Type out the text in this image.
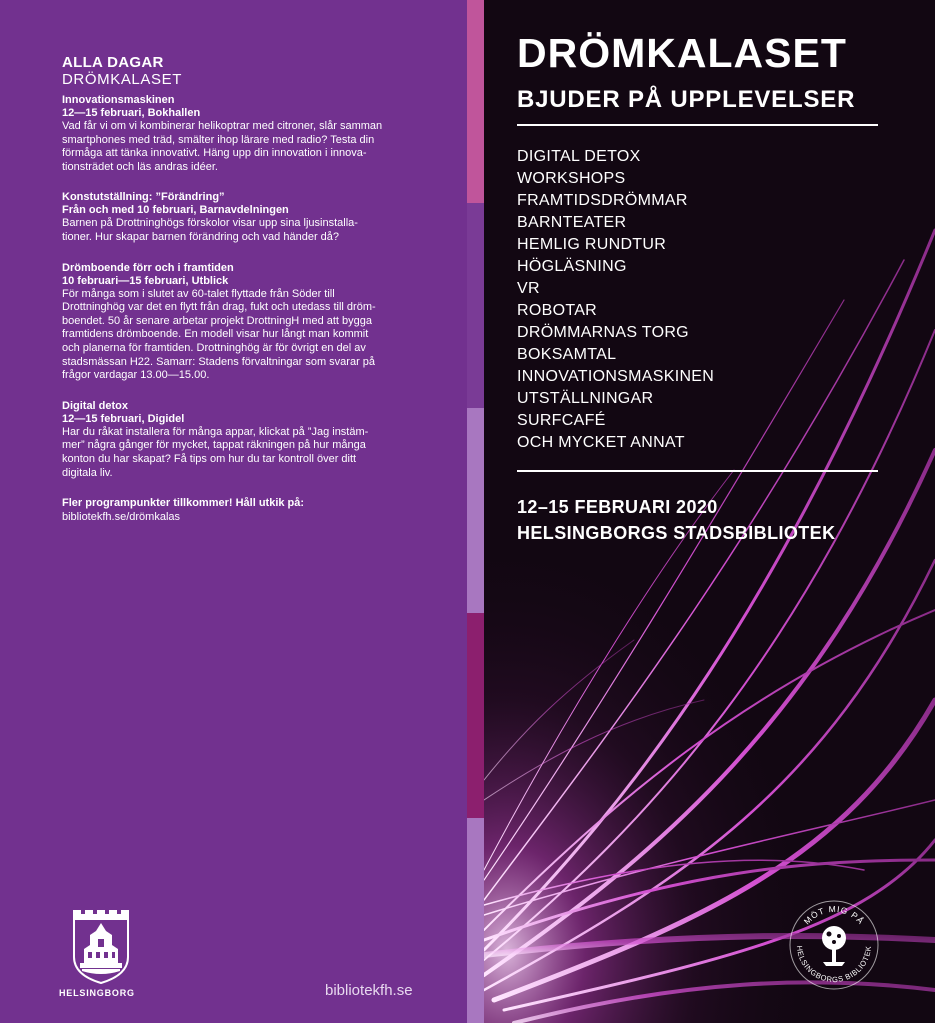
ALLA DAGAR
DRÖMKALASET
Innovationsmaskinen
12—15 februari, Bokhallen
Vad får vi om vi kombinerar helikoptrar med citroner, slår samman
smartphones med träd, smälter ihop lärare med radio? Testa din
förmåga att tänka innovativt. Häng upp din innovation i innova-
tionsträdet och läs andras idéer.
Konstutställning: ”Förändring”
Från och med 10 februari, Barnavdelningen
Barnen på Drottninghögs förskolor visar upp sina ljusinstalla-
tioner. Hur skapar barnen förändring och vad händer då?
Drömboende förr och i framtiden
10 februari—15 februari, Utblick
För många som i slutet av 60-talet flyttade från Söder till
Drottninghög var det en flytt från drag, fukt och utedass till dröm-
boendet. 50 år senare arbetar projekt DrottningH med att bygga
framtidens drömboende. En modell visar hur långt man kommit
och planerna för framtiden. Drottninghög är för övrigt en del av
stadsmässan H22. Samarr: Stadens förvaltningar som svarar på
frågor vardagar 13.00—15.00.
Digital detox
12—15 februari, Digidel
Har du råkat installera för många appar, klickat på ”Jag instäm-
mer” några gånger för mycket, tappat räkningen på hur många
konton du har skapat? Få tips om hur du tar kontroll över ditt
digitala liv.
Fler programpunkter tillkommer! Håll utkik på:
bibliotekfh.se/drömkalas
HELSINGBORG	bibliotekfh.se
DRÖMKALASET
BJUDER PÅ UPPLEVELSER
DIGITAL DETOX
WORKSHOPS
FRAMTIDSDRÖMMAR
BARNTEATER
HEMLIG RUNDTUR
HÖGLÄSNING
VR
ROBOTAR
DRÖMMARNAS TORG
BOKSAMTAL
INNOVATIONSMASKINEN
UTSTÄLLNINGAR
SURFCAFÉ
OCH MYCKET ANNAT
12–15 FEBRUARI 2020
HELSINGBORGS STADSBIBLIOTEK
MÖT MIG PÅ
HELSINGBORGS BIBLIOTEK
